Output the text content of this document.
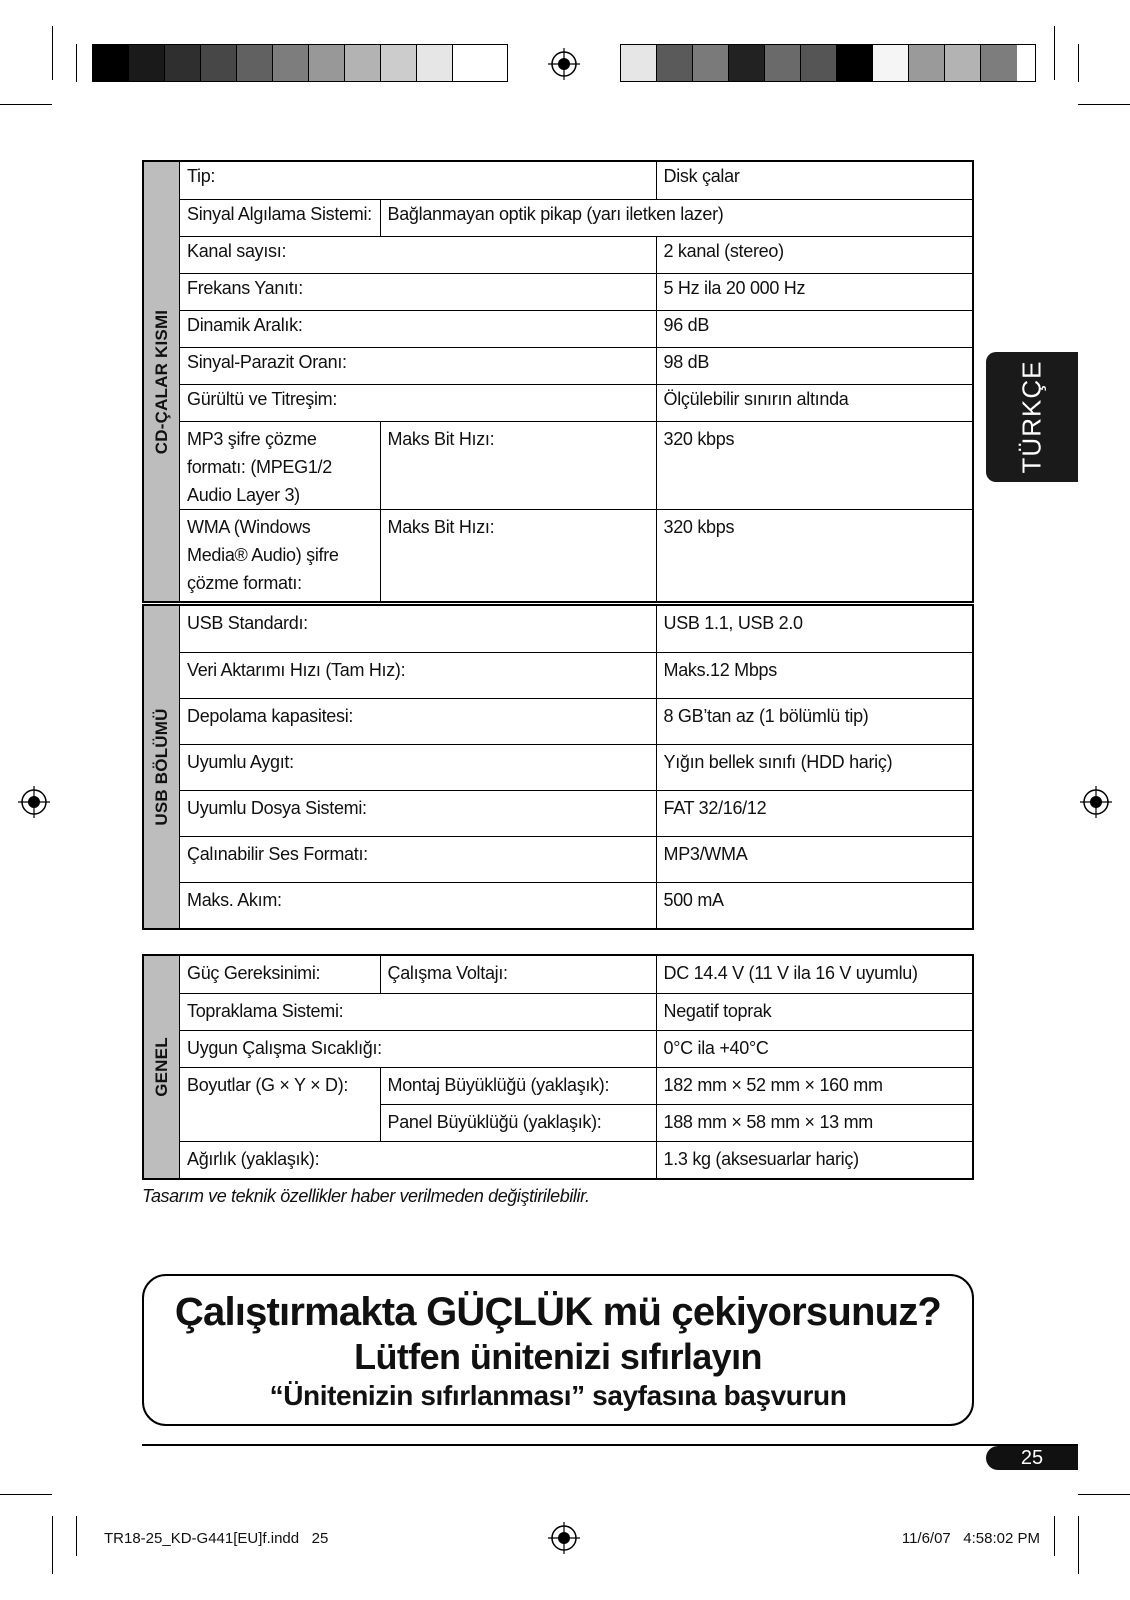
TÜRKÇE
CD-ÇALAR KISMI
Tip:		Disk çalar
Sinyal Algılama Sistemi:	Bağlanmayan optik pikap (yarı iletken lazer)	
Kanal sayısı:		2 kanal (stereo)
Frekans Yanıtı:		5 Hz ila 20 000 Hz
Dinamik Aralık:		96 dB
Sinyal-Parazit Oranı:		98 dB
Gürültü ve Titreşim:		Ölçülebilir sınırın altında
MP3 şifre çözme formatı: (MPEG1/2 Audio Layer 3)	Maks Bit Hızı:	320 kbps
WMA (Windows Media® Audio) şifre çözme formatı:	Maks Bit Hızı:	320 kbps
USB BÖLÜMÜ
USB Standardı:	USB 1.1, USB 2.0
Veri Aktarımı Hızı (Tam Hız):	Maks.12 Mbps
Depolama kapasitesi:	8 GB’tan az (1 bölümlü tip)
Uyumlu Aygıt:	Yığın bellek sınıfı (HDD hariç)
Uyumlu Dosya Sistemi:	FAT 32/16/12
Çalınabilir Ses Formatı:	MP3/WMA
Maks. Akım:	500 mA
GENEL
Güç Gereksinimi:	Çalışma Voltajı:	DC 14.4 V (11 V ila 16 V uyumlu)
Topraklama Sistemi:		Negatif toprak
Uygun Çalışma Sıcaklığı:		0°C ila +40°C
Boyutlar (G × Y × D):	Montaj Büyüklüğü (yaklaşık):	182 mm × 52 mm × 160 mm
	Panel Büyüklüğü (yaklaşık):	188 mm × 58 mm × 13 mm
Ağırlık (yaklaşık):		1.3 kg (aksesuarlar hariç)
Tasarım ve teknik özellikler haber verilmeden değiştirilebilir.
Çalıştırmakta GÜÇLÜK mü çekiyorsunuz?
Lütfen ünitenizi sıfırlayın
“Ünitenizin sıfırlanması” sayfasına başvurun
25
TR18-25_KD-G441[EU]f.indd   25	11/6/07   4:58:02 PM
